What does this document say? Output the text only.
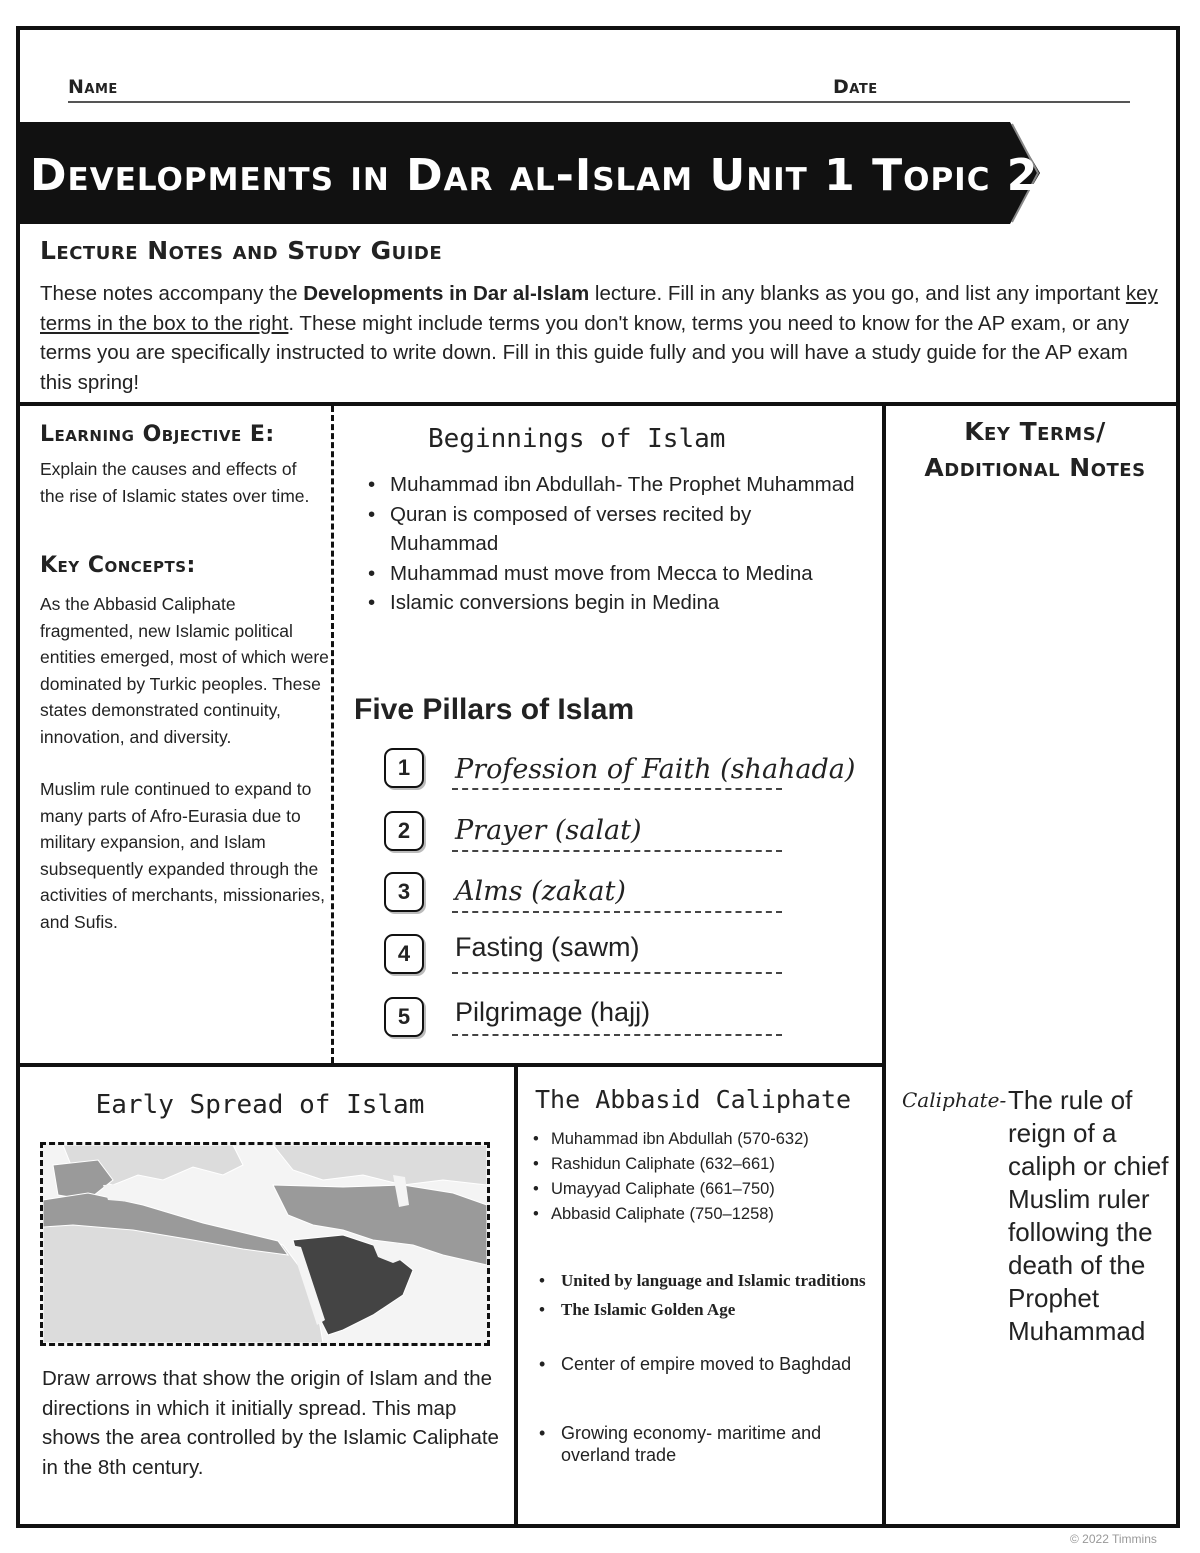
Name	Date
Developments in Dar al-Islam Unit 1 Topic 2
Lecture Notes and Study Guide
These notes accompany the Developments in Dar al-Islam lecture. Fill in any blanks as you go, and list any important key terms in the box to the right. These might include terms you don't know, terms you need to know for the AP exam, or any terms you are specifically instructed to write down. Fill in this guide fully and you will have a study guide for the AP exam this spring!
Learning Objective E:
Explain the causes and effects of the rise of Islamic states over time.
Key Concepts:
As the Abbasid Caliphate fragmented, new Islamic political entities emerged, most of which were dominated by Turkic peoples. These states demonstrated continuity, innovation, and diversity.
Muslim rule continued to expand to many parts of Afro-Eurasia due to military expansion, and Islam subsequently expanded through the activities of merchants, missionaries, and Sufis.
Beginnings of Islam
• Muhammad ibn Abdullah- The Prophet Muhammad
• Quran is composed of verses recited by Muhammad
• Muhammad must move from Mecca to Medina
• Islamic conversions begin in Medina
Five Pillars of Islam
1	Profession of Faith (shahada)
2	Prayer (salat)
3	Alms (zakat)
4	Fasting (sawm)
5	Pilgrimage (hajj)
Key Terms/
Additional Notes
Caliphate- The rule of reign of a caliph or chief Muslim ruler following the death of the Prophet Muhammad
Early Spread of Islam
Draw arrows that show the origin of Islam and the directions in which it initially spread. This map shows the area controlled by the Islamic Caliphate in the 8th century.
The Abbasid Caliphate
• Muhammad ibn Abdullah (570-632)
• Rashidun Caliphate (632–661)
• Umayyad Caliphate (661–750)
• Abbasid Caliphate (750–1258)
• United by language and Islamic traditions
• The Islamic Golden Age
• Center of empire moved to Baghdad
• Growing economy- maritime and overland trade
© 2022 Timmins
